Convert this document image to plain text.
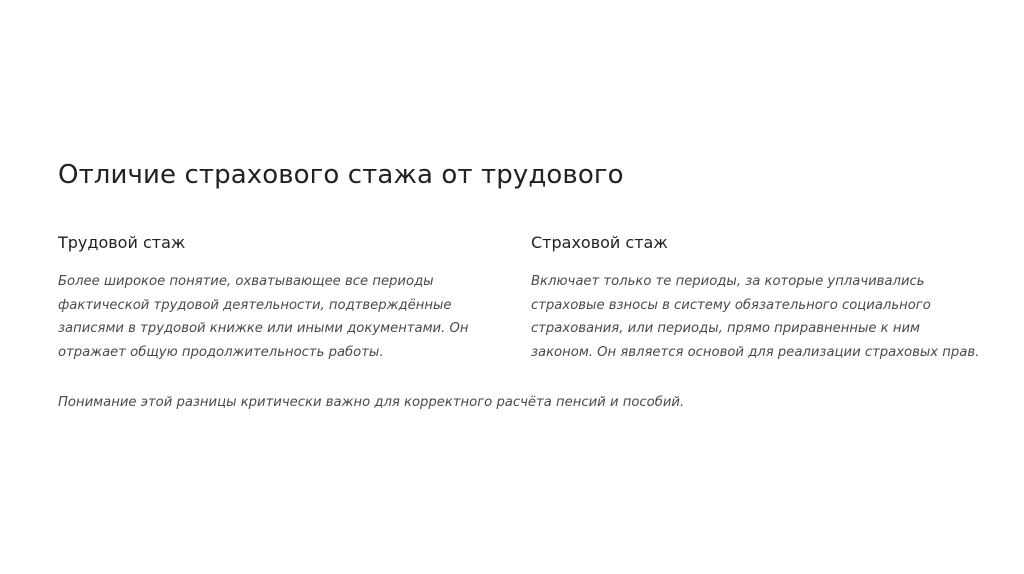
Отличие страхового стажа от трудового
Трудовой стаж

Более широкое понятие, охватывающее все периоды фактической трудовой деятельности, подтверждённые записями в трудовой книжке или иными документами. Он отражает общую продолжительность работы.

Страховой стаж

Включает только те периоды, за которые уплачивались страховые взносы в систему обязательного социального страхования, или периоды, прямо приравненные к ним законом. Он является основой для реализации страховых прав.

Понимание этой разницы критически важно для корректного расчёта пенсий и пособий.
